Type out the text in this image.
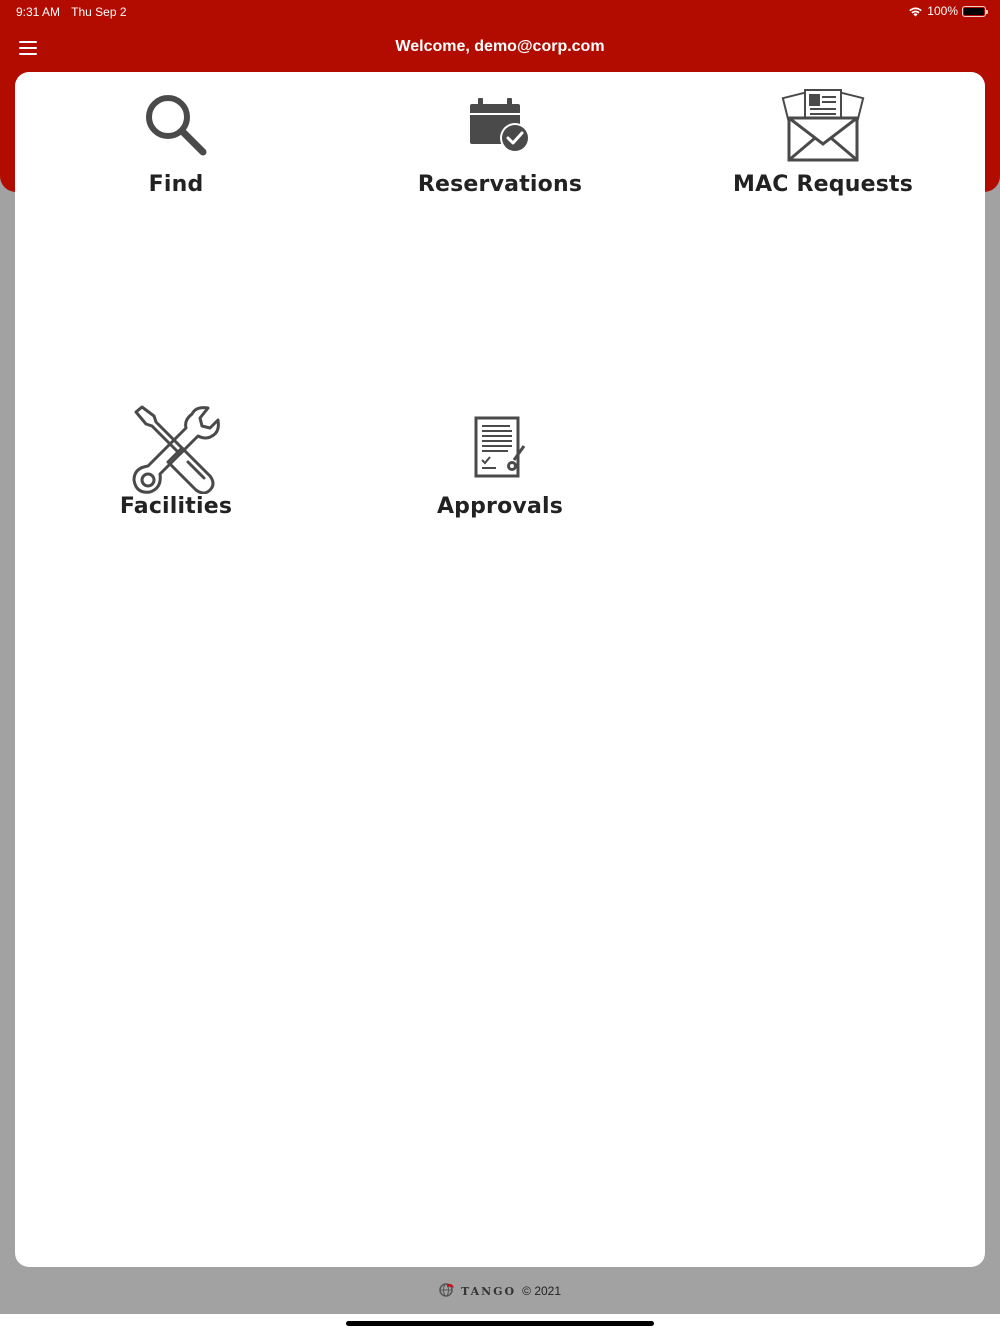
9:31 AM Thu Sep 2	100%
Welcome, demo@corp.com
Find	Reservations	MAC Requests
Facilities	Approvals
TANGO © 2021
